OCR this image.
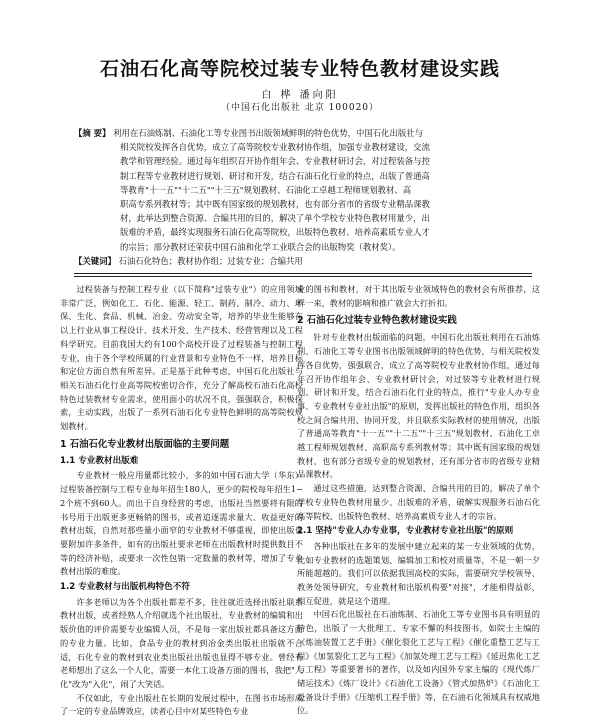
石油石化高等院校过装专业特色教材建设实践
白 桦 潘向阳
（中国石化出版社 北京 100020）
【摘 要】 利用在石油炼制、石油化工等专业图书出版领域鲜明的特色优势，中国石化出版社与
相关院校发挥各自优势，成立了高等院校专业教材协作组，加强专业教材建设，交流
教学和管理经验。通过每年组织召开协作组年会、专业教材研讨会，对过程装备与控
制工程等专业教材进行规划、研讨和开发，结合石油石化行业的特点，出版了普通高
等教育"十一五""十二五""十三五"规划教材、石油化工卓越工程师规划教材、高
职高专系列教材等；其中既有国家级的规划教材，也有部分省市的省级专业精品课教
材，此举达到整合资源、合编共用的目的，解决了单个学校专业特色教材用量少，出
版难的矛盾，最终实现服务石油石化高等院校，出版特色教材、培养高素质专业人才
的宗旨；部分教材还荣获中国石油和化学工业联合会的出版物奖（教材奖）。
【关键词】 石油石化特色；教材协作组；过装专业；合编共用

过程装备与控制工程专业（以下简称"过装专业"）的应用领域非常广泛，例如化工、石化、能源、轻工、制药、制冷、动力、环保、生化、食品、机械、冶金、劳动安全等，培养的毕业生能够在以上行业从事工程设计、技术开发、生产技术、经营管理以及工程科学研究。目前我国大约有100个高校开设了过程装备与控制工程专业，由于各个学校所属的行业背景和专业特色不一样，培养目标和定位方面自然有所差异。正是基于此种考虑，中国石化出版社与相关石油石化行业高等院校密切合作，充分了解高校石油石化高校特色过装教材专业需求，使用面小的状况不良，强强联合，积极探索，主动实践，出版了一系列石油石化专业特色鲜明的高等院校规划教材。

1 石油石化专业教材出版面临的主要问题
1.1 专业教材出版难

专业教材一般应用量都比较小，多的如中国石油大学（华东）过程装备控制与工程专业每年招生180人，更少的院校每年招生1~2个班不到60人。而出于自身经营的考虑，出版社当然要将有限的书号用于出版更多更畅销的图书，或者追逐需求量大、收益更好的教材出版，自然对那些量小面窄的专业教材不够重视，即使出版也要附加许多条件，如有的出版社要求老师在出版教材时提供数目不等的经济补贴，或要求一次性包销一定数量的教材等，增加了专业教材出版的难度。

1.2 专业教材与出版机构特色不符

许多老师以为各个出版社都差不多，往往就近选择出版社联系教材出版，或者经熟人介绍就选个社出版社，专业教材的编辑和出版价值的评价需要专业编辑人员，不是每一家出版社都具备这方面的专业力量。比如，食品专业的教材到冶金类出版社出版就不合适，石化专业的教材到农业类出版社出版也显得不够专业。曾经有老师想出了这么一个人化，需要一本化工设备方面的图书，我把"人化"改为"入化"，闹了大笑话。

不仅如此，专业出版社在长期的发展过程中，在图书市场形成了一定的专业品牌效应，读者心目中对某些特色专业

业的图书和教材，对于其出版专业领域特色的教材会有所推荐，这样一来，教材的影响和推广就会大打折扣。

2 石油石化过装专业特色教材建设实践

针对专业教材出版面临的问题，中国石化出版社利用在石油炼制、石油化工等专业图书出版领域鲜明的特色优势，与相关院校发挥各自优势，强强联合，成立了高等院校专业教材协作组，通过每年召开协作组年会、专业教材研讨会，对过装等专业教材进行规划、研讨和开发，结合石油石化行业的特点，推行"专业人办专业事、专业教材专业社出版"的原则，发挥出版社的特色作用，组织各校之间合编共用、协同开发，并且联系实际教材的使用情况，出版了普通高等教育"十一五""十二五""十三五"规划教材、石油化工卓越工程师规划教材、高职高专系列教材等；其中既有国家级的规划教材，也有部分省级专业的规划教材，还有部分省市的省级专业精品课教材。

通过这些措施，达到整合资源、合编共用的目的，解决了单个学校专业特色教材用量少、出版难的矛盾，破解实现服务石油石化高等院校、出版特色教材、培养高素质专业人才的宗旨。

2.1 坚持"专业人办专业事，专业教材专业社出版"的原则

各种出版社在多年的发展中建立起来的某一专业领域的优势，比如专业教材的选题策划、编辑加工和校对质量等，不是一朝一夕所能超越的。我们可以依据我国高校的实际，需要研究学校领导、教务处领导研究，专业教材和出版机构要"对接"，才能相得益彰，相互促进，就是这个道理。

中国石化出版社在石油炼制、石油化工等专业图书具有明显的特色，出版了一大批理工、专家不懈的科技图书，如院士主编的《炼油装置工艺手册》《催化裂化工艺与工程》《催化重整工艺与工程》《加氢裂化工艺与工程》《加氢处理工艺与工程》《延迟焦化工艺与工程》等重要著书的著作，以及如内国外专家主编的《现代炼厂储运技术》《炼厂设计》《石油化工设备》《管式加热炉》《石油化工设备设计手册》《压缩机工程手册》等，在石油石化领域具有权威地位。
